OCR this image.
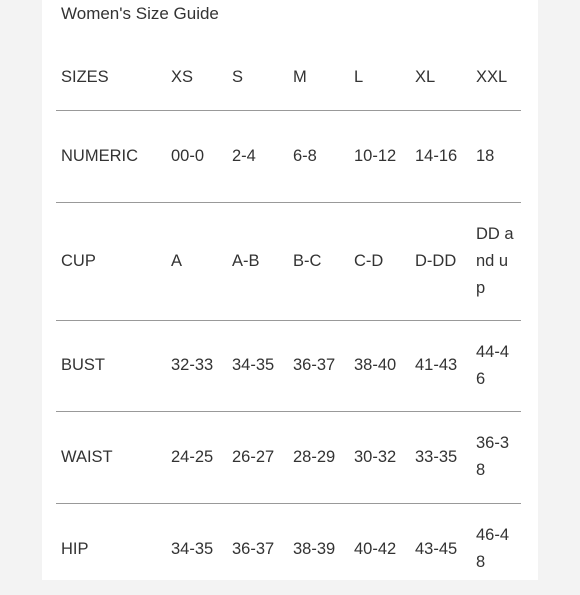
Women's Size Guide
SIZES	XS	S	M	L	XL	XXL
NUMERIC	00-0	2-4	6-8	10-12	14-16	18
CUP	A	A-B	B-C	C-D	D-DD	DD and up
BUST	32-33	34-35	36-37	38-40	41-43	44-46
WAIST	24-25	26-27	28-29	30-32	33-35	36-38
HIP	34-35	36-37	38-39	40-42	43-45	46-48
